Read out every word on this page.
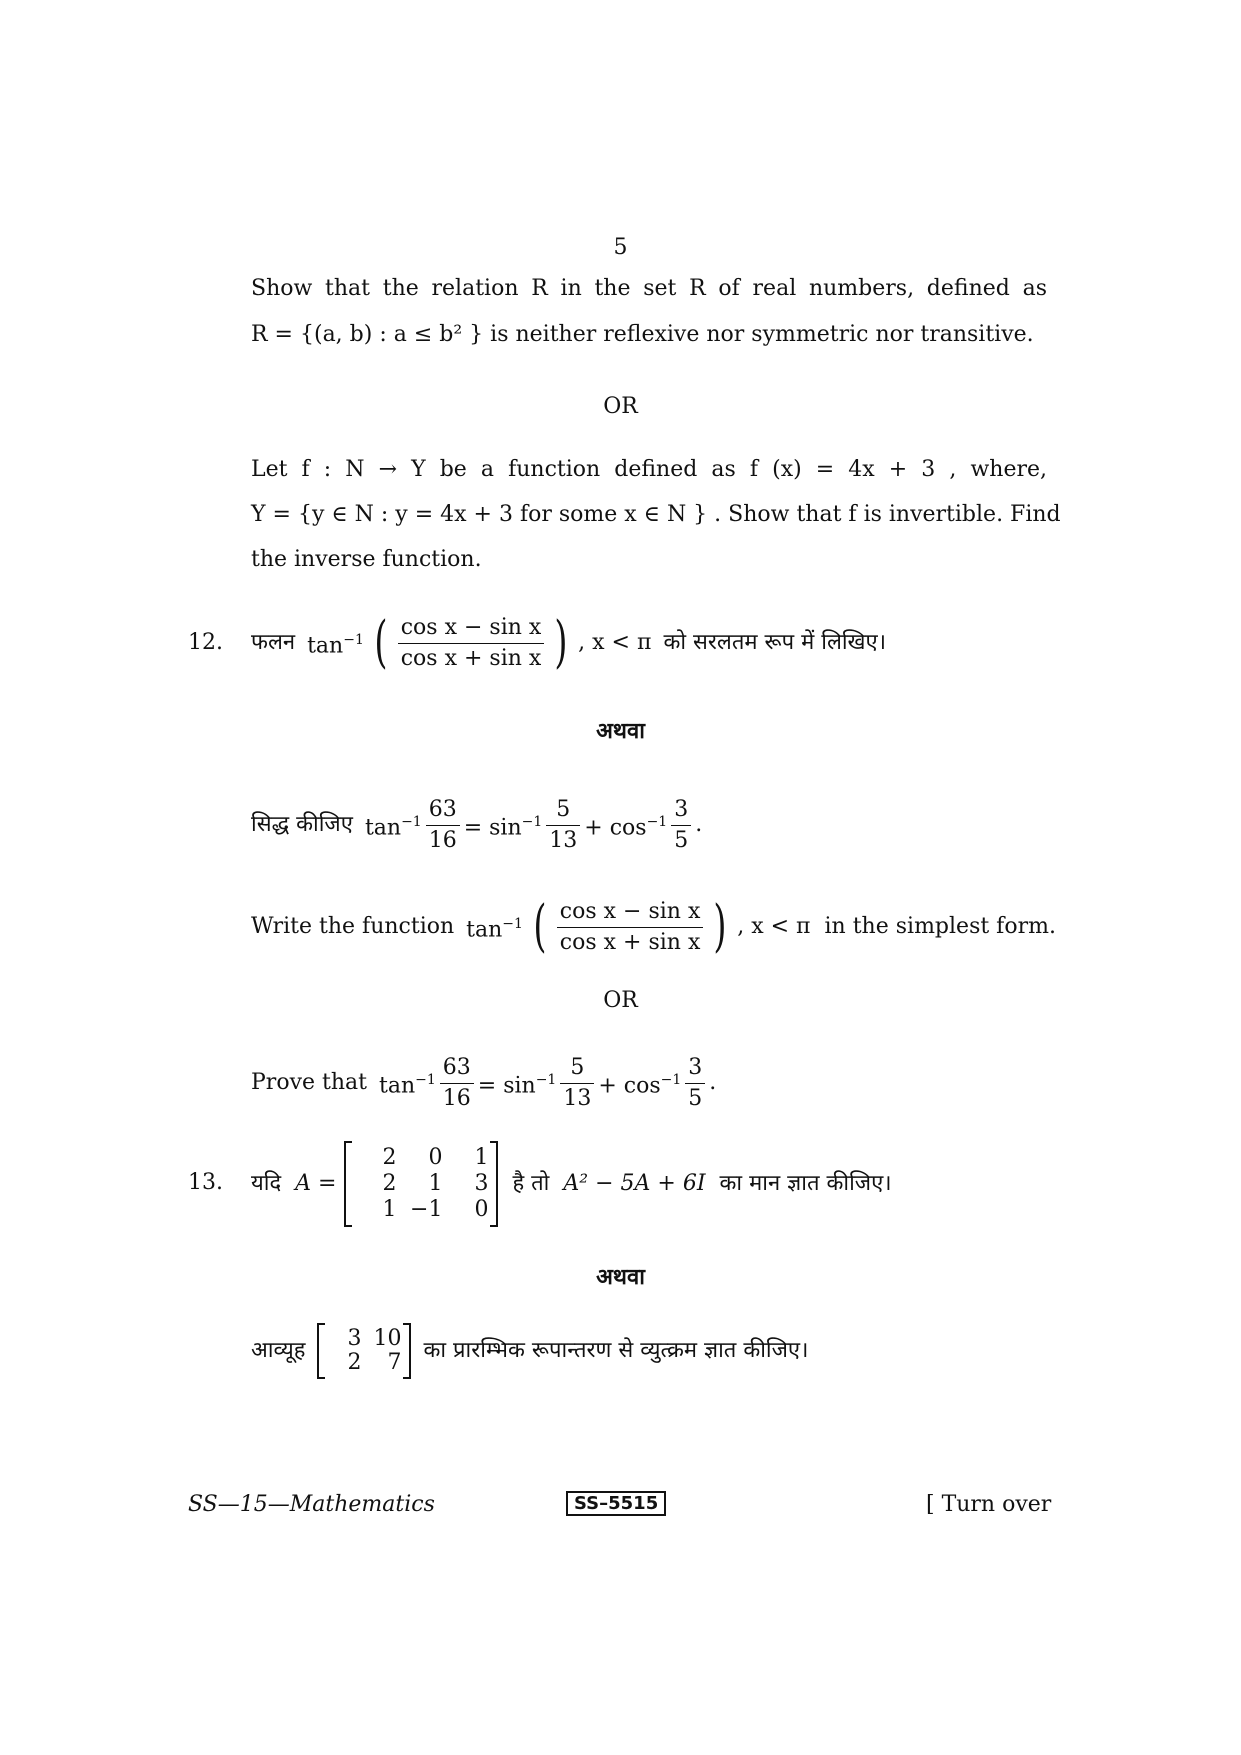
5
Show that the relation R in the set R of real numbers, defined as
R = {(a, b) : a ≤ b² } is neither reflexive nor symmetric nor transitive.
OR
Let f : N → Y be a function defined as f (x) = 4x + 3 , where,
Y = {y ∈ N : y = 4x + 3 for some x ∈ N } . Show that f is invertible. Find
the inverse function.
12. फलन $\tan^{-1}$ ( $\frac{\text{cos x − sin x}}{\text{cos x + sin x}}$ ) , x < π को सरलतम रूप में लिखिए।
अथवा
सिद्ध कीजिए $\tan^{-1} \frac{63}{16} = \sin^{-1} \frac{5}{13} + \cos^{-1} \frac{3}{5}$ .
Write the function $\tan^{-1}$ ( $\frac{\text{cos x − sin x}}{\text{cos x + sin x}}$ ) , x < π in the simplest form.
OR
Prove that $\tan^{-1} \frac{63}{16} = \sin^{-1} \frac{5}{13} + \cos^{-1} \frac{3}{5}$ .
13. यदि A =
2	0	1
2	1	3
1 −1	0
है तो A² − 5A + 6I का मान ज्ञात कीजिए।
अथवा
आव्यूह	3 10
2	7 का प्रारम्भिक रूपान्तरण से व्युत्क्रम ज्ञात कीजिए।
SS—15—Mathematics	SS–5515	[ Turn over
